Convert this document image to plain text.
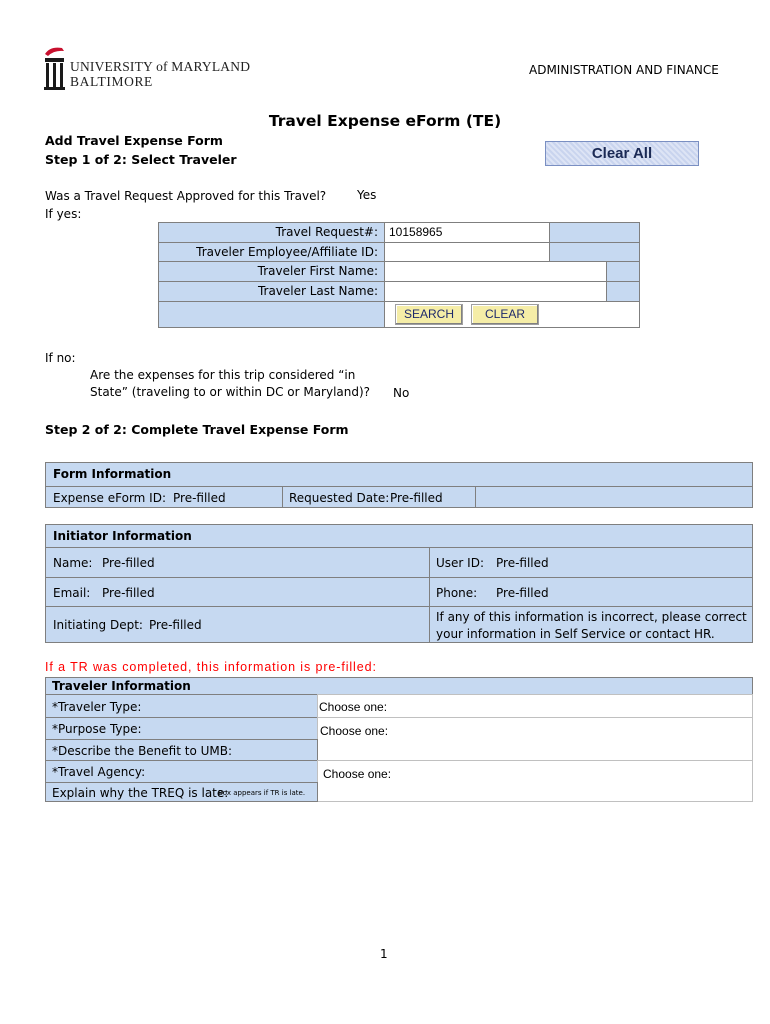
UNIVERSITY of MARYLAND
BALTIMORE
ADMINISTRATION AND FINANCE
Travel Expense eForm (TE)
Add Travel Expense Form
Step 1 of 2: Select Traveler	Clear All
Was a Travel Request Approved for this Travel?	Yes
If yes:
Travel Request#: 10158965
Traveler Employee/Affiliate ID:
Traveler First Name:
Traveler Last Name:
SEARCH	CLEAR
If no:
Are the expenses for this trip considered “in
State” (traveling to or within DC or Maryland)? No
Step 2 of 2: Complete Travel Expense Form
Form Information
Expense eForm ID: Pre-filled	Requested Date: Pre-filled
Initiator Information
Name: Pre-filled	User ID: Pre-filled
Email: Pre-filled	Phone: Pre-filled
Initiating Dept: Pre-filled
If any of this information is incorrect, please correct
your information in Self Service or contact HR.
If a TR was completed, this information is pre-filled:
Traveler Information
*Traveler Type:	Choose one:
*Purpose Type:	Choose one:
*Describe the Benefit to UMB:
*Travel Agency:	Choose one:
Explain why the TREQ is late:
Box appears if TR is late.
1
